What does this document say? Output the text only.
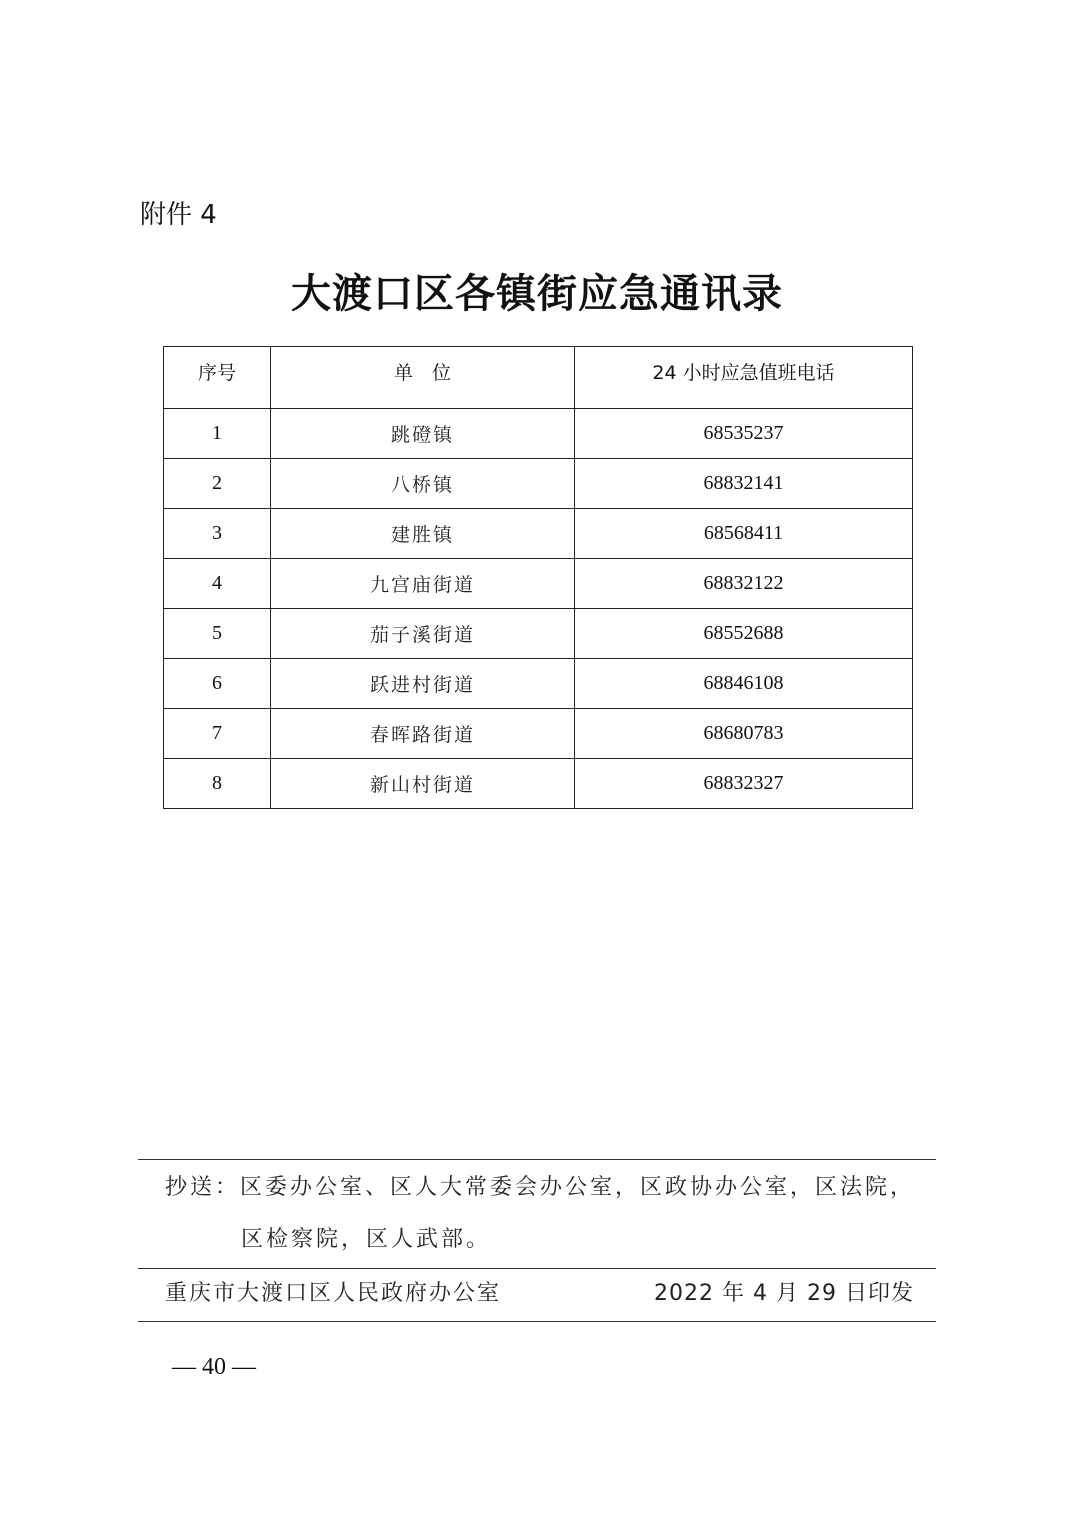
附件 4
大渡口区各镇街应急通讯录
序号	单　位	24 小时应急值班电话
1	跳磴镇	68535237
2	八桥镇	68832141
3	建胜镇	68568411
4	九宫庙街道	68832122
5	茄子溪街道	68552688
6	跃进村街道	68846108
7	春晖路街道	68680783
8	新山村街道	68832327
抄送：区委办公室、区人大常委会办公室，区政协办公室，区法院，
区检察院，区人武部。
重庆市大渡口区人民政府办公室	2022 年 4 月 29 日印发
— 40 —
